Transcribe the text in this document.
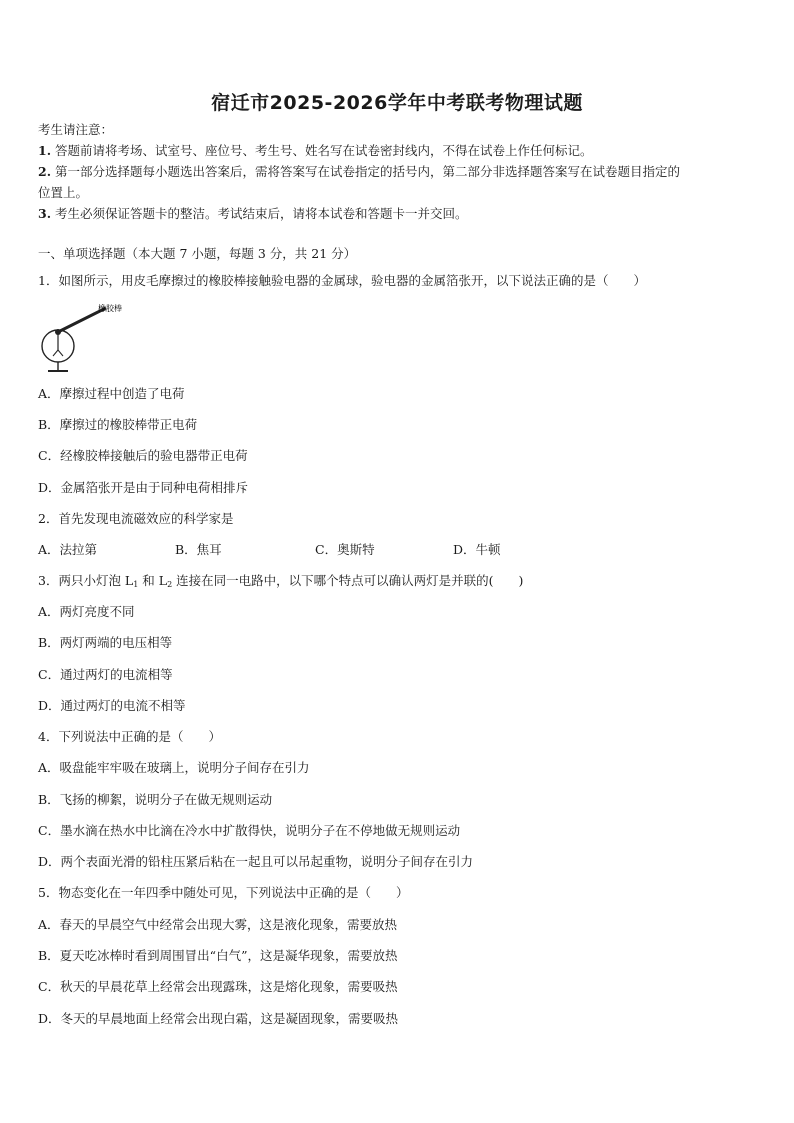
宿迁市2025-2026学年中考联考物理试题
考生请注意：
1. 答题前请将考场、试室号、座位号、考生号、姓名写在试卷密封线内，不得在试卷上作任何标记。
2. 第一部分选择题每小题选出答案后，需将答案写在试卷指定的括号内，第二部分非选择题答案写在试卷题目指定的
位置上。
3. 考生必须保证答题卡的整洁。考试结束后，请将本试卷和答题卡一并交回。
一、单项选择题（本大题 7 小题，每题 3 分，共 21 分）
1．如图所示，用皮毛摩擦过的橡胶棒接触验电器的金属球，验电器的金属箔张开，以下说法正确的是（　　）
橡胶棒
A．摩擦过程中创造了电荷
B．摩擦过的橡胶棒带正电荷
C．经橡胶棒接触后的验电器带正电荷
D．金属箔张开是由于同种电荷相排斥
2．首先发现电流磁效应的科学家是
A．法拉第	B．焦耳	C．奥斯特	D．牛顿
3．两只小灯泡 $L_1$ 和 $L_2$ 连接在同一电路中，以下哪个特点可以确认两灯是并联的(　　)
A．两灯亮度不同
B．两灯两端的电压相等
C．通过两灯的电流相等
D．通过两灯的电流不相等
4．下列说法中正确的是（　　）
A．吸盘能牢牢吸在玻璃上，说明分子间存在引力
B．飞扬的柳絮，说明分子在做无规则运动
C．墨水滴在热水中比滴在冷水中扩散得快，说明分子在不停地做无规则运动
D．两个表面光滑的铅柱压紧后粘在一起且可以吊起重物，说明分子间存在引力
5．物态变化在一年四季中随处可见，下列说法中正确的是（　　）
A．春天的早晨空气中经常会出现大雾，这是液化现象，需要放热
B．夏天吃冰棒时看到周围冒出“白气”，这是凝华现象，需要放热
C．秋天的早晨花草上经常会出现露珠，这是熔化现象，需要吸热
D．冬天的早晨地面上经常会出现白霜，这是凝固现象，需要吸热
